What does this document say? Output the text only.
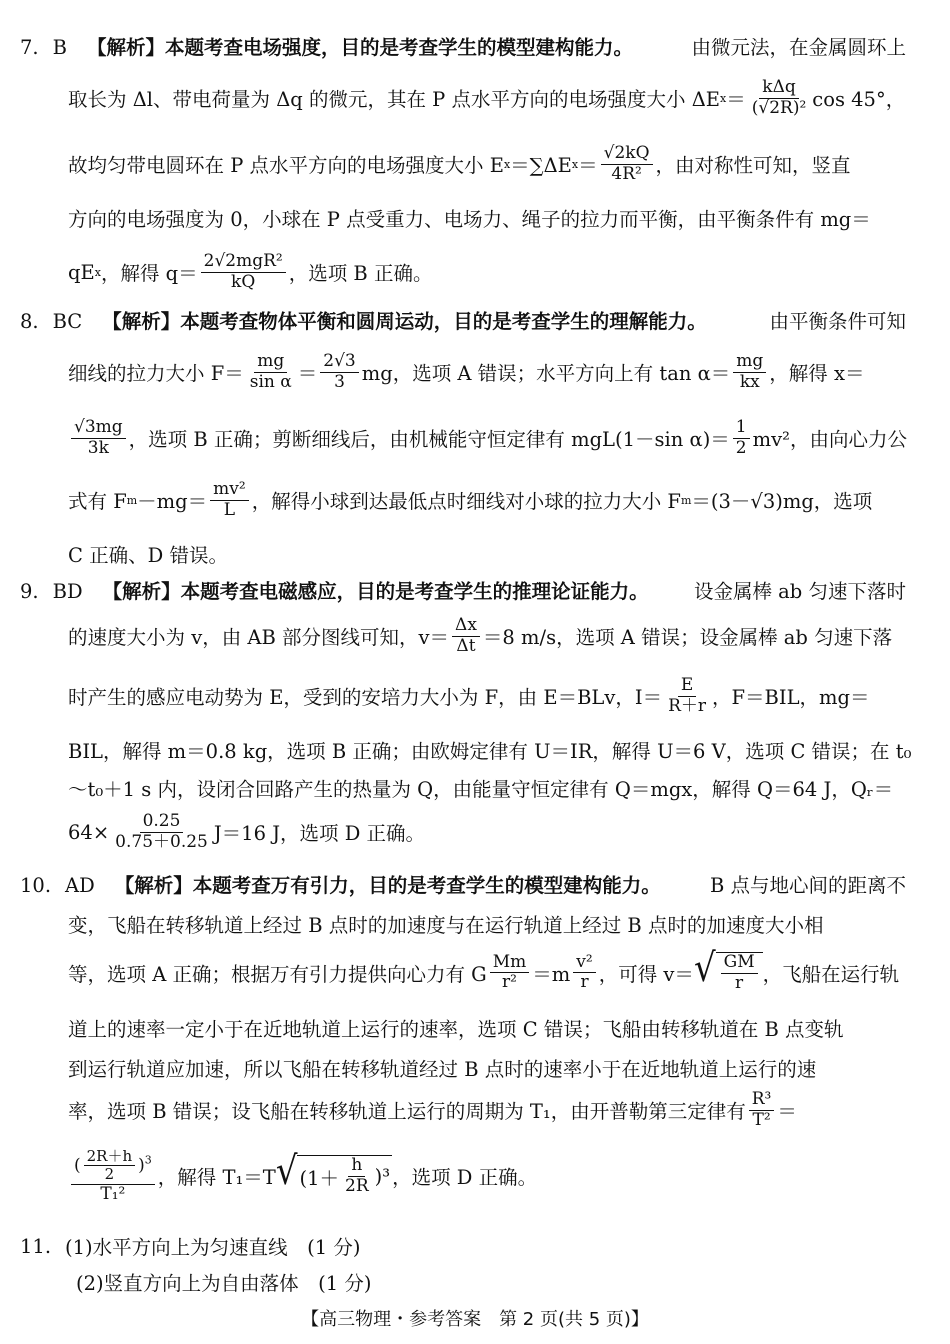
7. B 【解析】本题考查电场强度，目的是考查学生的模型建构能力。	由微元法，在金属圆环上
取长为 Δl、带电荷量为 Δq 的微元，其在 P 点水平方向的电场强度大小 ΔE $x = \frac{\text{kΔq}}{\text{(√2R)²}}$ cos 45°，
故均匀带电圆环在 P 点水平方向的电场强度大小 E x ＝∑ΔE $x = \frac{√2kQ}{\text{4R²}}$ ，由对称性可知，竖直
方向的电场强度为 0，小球在 P 点受重力、电场力、绳子的拉力而平衡，由平衡条件有 mg＝
qE x ，解得 $q= \frac{\text{2√2mgR²}}{kQ}$ ，选项 B 正确。
8. BC 【解析】本题考查物体平衡和圆周运动，目的是考查学生的理解能力。	由平衡条件可知
细线的拉力大小 $F= \frac{mg}{\text{sin α}} = \frac{2√3}{3}$ mg，选项 A 错误；水平方向上有 $\tan \alpha= \frac{mg}{kx}$ ，解得 x＝
$\frac{√3mg}{3k}$ ，选项 B 正确；剪断细线后，由机械能守恒定律有 mgL(1－sin $\alpha)= \frac{1}{2} mv^2$，由向心力公
式有 F $m -mg= \frac{\text{mv²}}{L}$ ，解得小球到达最低点时细线对小球的拉力大小 F m ＝(3－√3)mg，选项
C 正确、D 错误。
9. BD 【解析】本题考查电磁感应，目的是考查学生的推理论证能力。 设金属棒 ab 匀速下落时
的速度大小为 v，由 AB 部分图线可知，$v= \frac{\Delta x}{\Delta t} =8$ m/s，选项 A 错误；设金属棒 ab 匀速下落
时产生的感应电动势为 E，受到的安培力大小为 F，由 E＝BLv，$I= \frac{E}{R+r}$ ，F＝BIL，mg＝
BIL，解得 m＝0.8 kg，选项 B 正确；由欧姆定律有 U＝IR，解得 U＝6 V，选项 C 错误；在 t₀
～t₀＋1 s 内，设闭合回路产生的热量为 Q，由能量守恒定律有 Q＝mgx，解得 Q＝64 J，Qᵣ＝
$64\times \frac{0.25}{0.75+0.25} J=16$ J，选项 D 正确。
10. AD 【解析】本题考查万有引力，目的是考查学生的模型建构能力。	B 点与地心间的距离不
变，飞船在转移轨道上经过 B 点时的加速度与在运行轨道上经过 B 点时的加速度大小相
等，选项 A 正确；根据万有引力提供向心力有 G $\frac{Mm}{\text{r²}} =m \frac{\text{v²}}{r}$ ，可得 v＝ √ $\frac{GM}{r}$ ，飞船在运行轨
道上的速率一定小于在近地轨道上运行的速率，选项 C 错误；飞船由转移轨道在 B 点变轨
到运行轨道应加速，所以飞船在转移轨道经过 B 点时的速率小于在近地轨道上运行的速
率，选项 B 错误；设飞船在转移轨道上运行的周期为 T₁，由开普勒第三定律有 $\frac{\text{R³}}{\text{T²}}$ ＝
$\frac{( \frac{2R+h}{2} )^3}{\text{T₁²}}$ ，解得 T₁＝T √ $(1+ \frac{h}{2R} )^3$ ，选项 D 正确。
11. (1)水平方向上为匀速直线　(1 分)
(2)竖直方向上为自由落体　(1 分)
【高三物理・参考答案　第 2 页(共 5 页)】
